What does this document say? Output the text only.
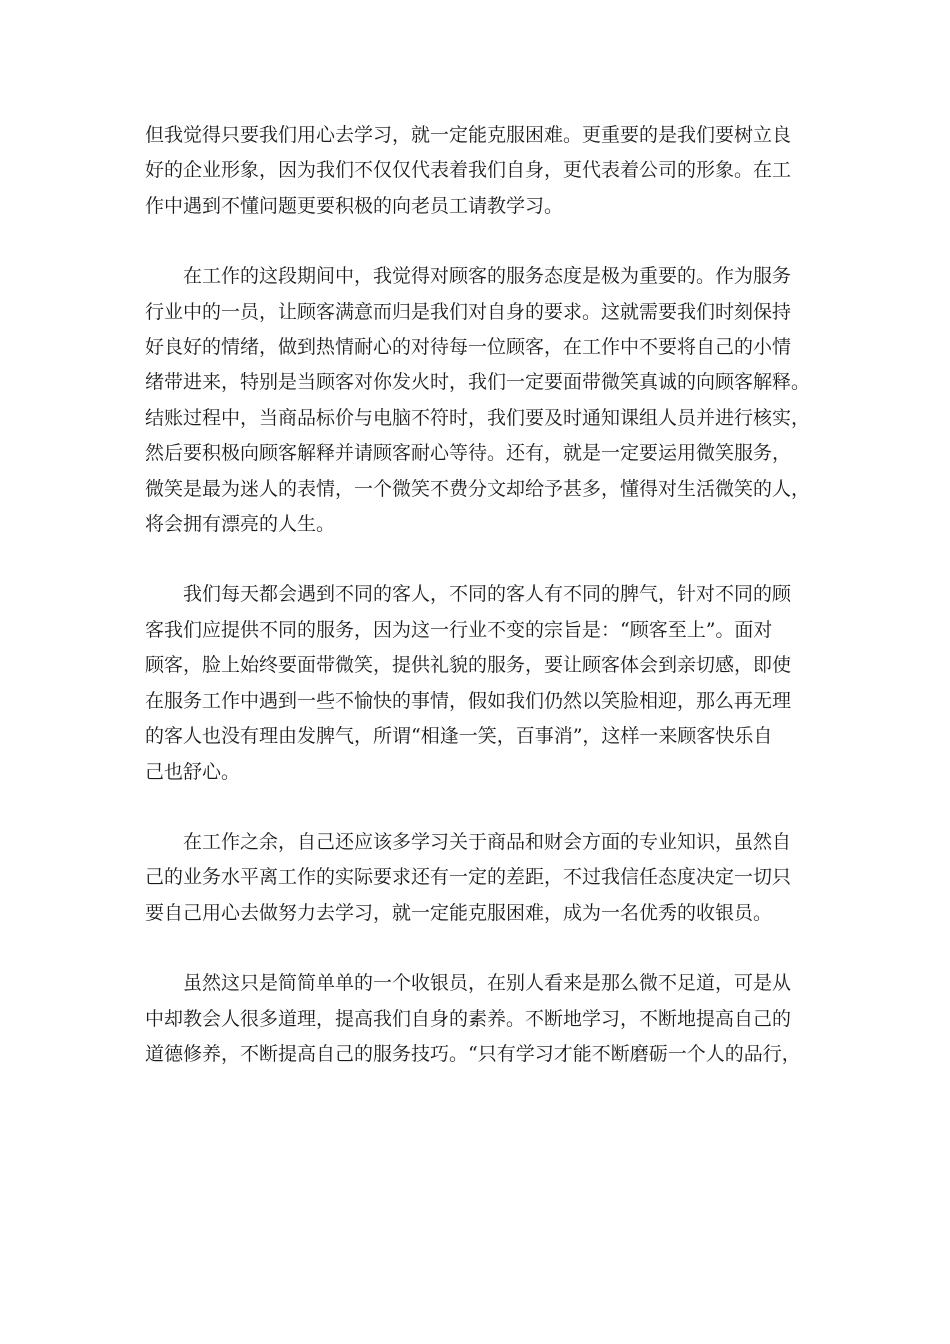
但我觉得只要我们用心去学习，就一定能克服困难。更重要的是我们要树立良
好的企业形象，因为我们不仅仅代表着我们自身，更代表着公司的形象。在工
作中遇到不懂问题更要积极的向老员工请教学习。

在工作的这段期间中，我觉得对顾客的服务态度是极为重要的。作为服务
行业中的一员，让顾客满意而归是我们对自身的要求。这就需要我们时刻保持
好良好的情绪，做到热情耐心的对待每一位顾客，在工作中不要将自己的小情
绪带进来，特别是当顾客对你发火时，我们一定要面带微笑真诚的向顾客解释。
结账过程中，当商品标价与电脑不符时，我们要及时通知课组人员并进行核实，
然后要积极向顾客解释并请顾客耐心等待。还有，就是一定要运用微笑服务，
微笑是最为迷人的表情，一个微笑不费分文却给予甚多，懂得对生活微笑的人，
将会拥有漂亮的人生。

我们每天都会遇到不同的客人，不同的客人有不同的脾气，针对不同的顾
客我们应提供不同的服务，因为这一行业不变的宗旨是：“顾客至上”。面对
顾客，脸上始终要面带微笑，提供礼貌的服务，要让顾客体会到亲切感，即使
在服务工作中遇到一些不愉快的事情，假如我们仍然以笑脸相迎，那么再无理
的客人也没有理由发脾气，所谓“相逢一笑，百事消”，这样一来顾客快乐自
己也舒心。

在工作之余，自己还应该多学习关于商品和财会方面的专业知识，虽然自
己的业务水平离工作的实际要求还有一定的差距，不过我信任态度决定一切只
要自己用心去做努力去学习，就一定能克服困难，成为一名优秀的收银员。

虽然这只是简简单单的一个收银员，在别人看来是那么微不足道，可是从
中却教会人很多道理，提高我们自身的素养。不断地学习，不断地提高自己的
道德修养，不断提高自己的服务技巧。“只有学习才能不断磨砺一个人的品行，
